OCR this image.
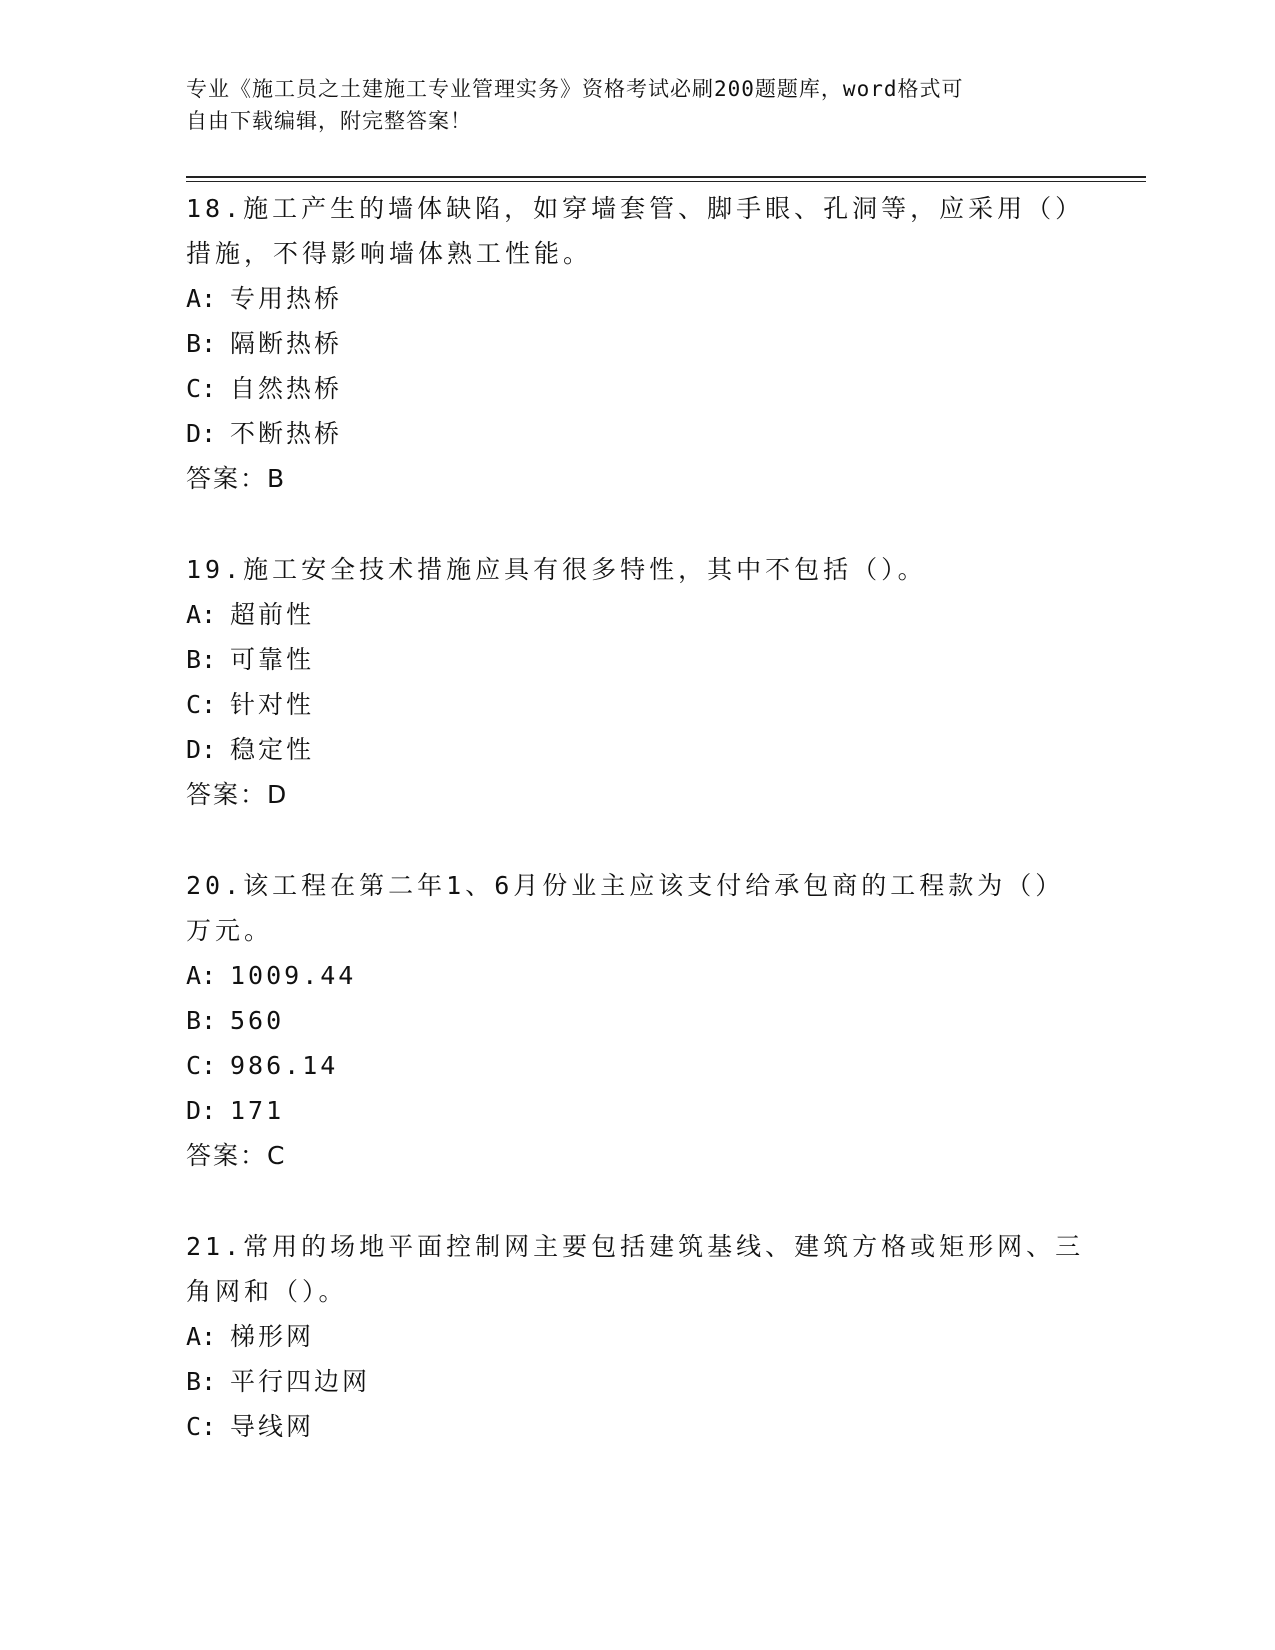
专业《施工员之土建施工专业管理实务》资格考试必刷200题题库，word格式可
自由下载编辑，附完整答案！
18.施工产生的墙体缺陷，如穿墙套管、脚手眼、孔洞等，应采用（）
措施，不得影响墙体熟工性能。
A: 专用热桥
B: 隔断热桥
C: 自然热桥
D: 不断热桥
答案：B
19.施工安全技术措施应具有很多特性，其中不包括（）。
A: 超前性
B: 可靠性
C: 针对性
D: 稳定性
答案：D
20.该工程在第二年1、6月份业主应该支付给承包商的工程款为（）
万元。
A: 1009.44
B: 560
C: 986.14
D: 171
答案：C
21.常用的场地平面控制网主要包括建筑基线、建筑方格或矩形网、三
角网和（）。
A: 梯形网
B: 平行四边网
C: 导线网
